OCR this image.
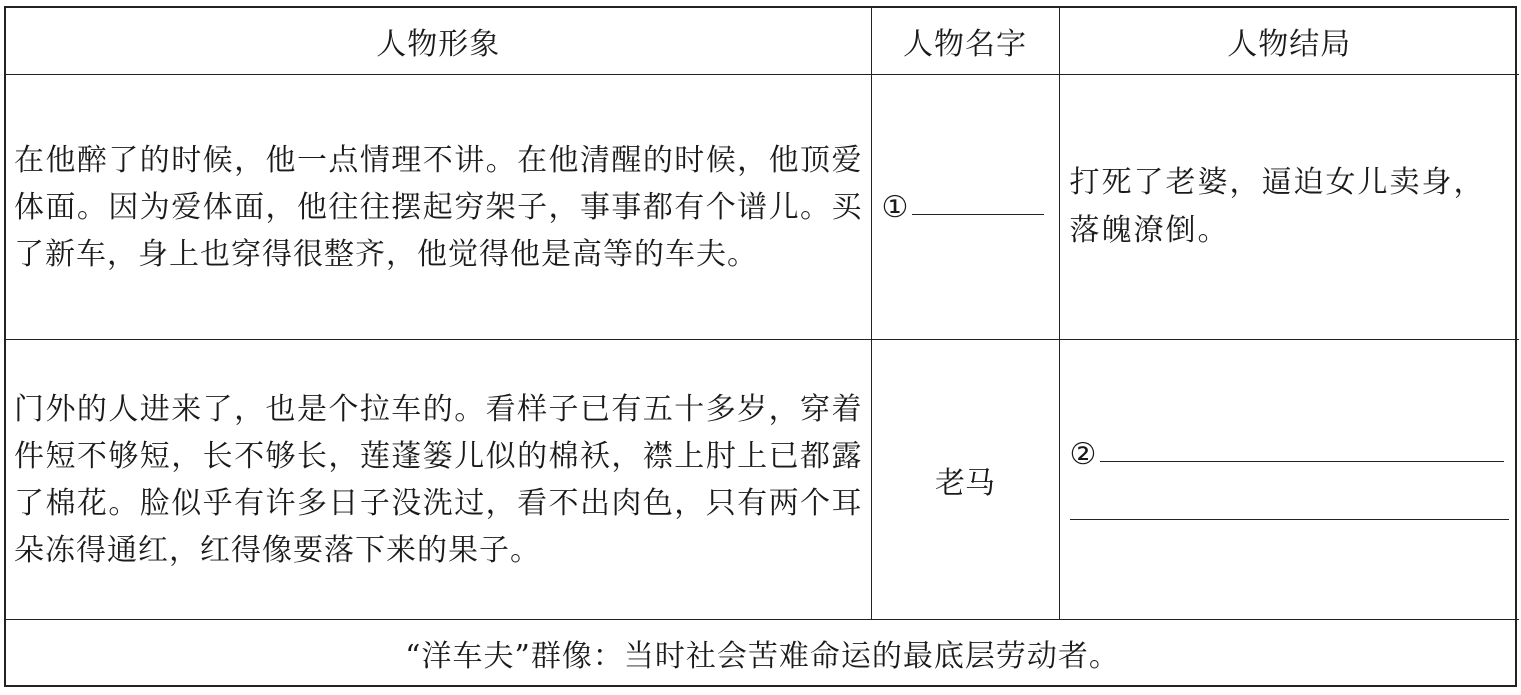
人物形象	人物名字	人物结局
在他醉了的时候，他一点情理不讲。在他清醒的时候，他顶爱体面。因为爱体面，他往往摆起穷架子，事事都有个谱儿。买了新车，身上也穿得很整齐，他觉得他是高等的车夫。	①	打死了老婆，逼迫女儿卖身，落魄潦倒。
门外的人进来了，也是个拉车的。看样子已有五十多岁，穿着件短不够短，长不够长，莲蓬篓儿似的棉袄，襟上肘上已都露了棉花。脸似乎有许多日子没洗过，看不出肉色，只有两个耳朵冻得通红，红得像要落下来的果子。	老马	②

“洋车夫”群像：当时社会苦难命运的最底层劳动者。		
